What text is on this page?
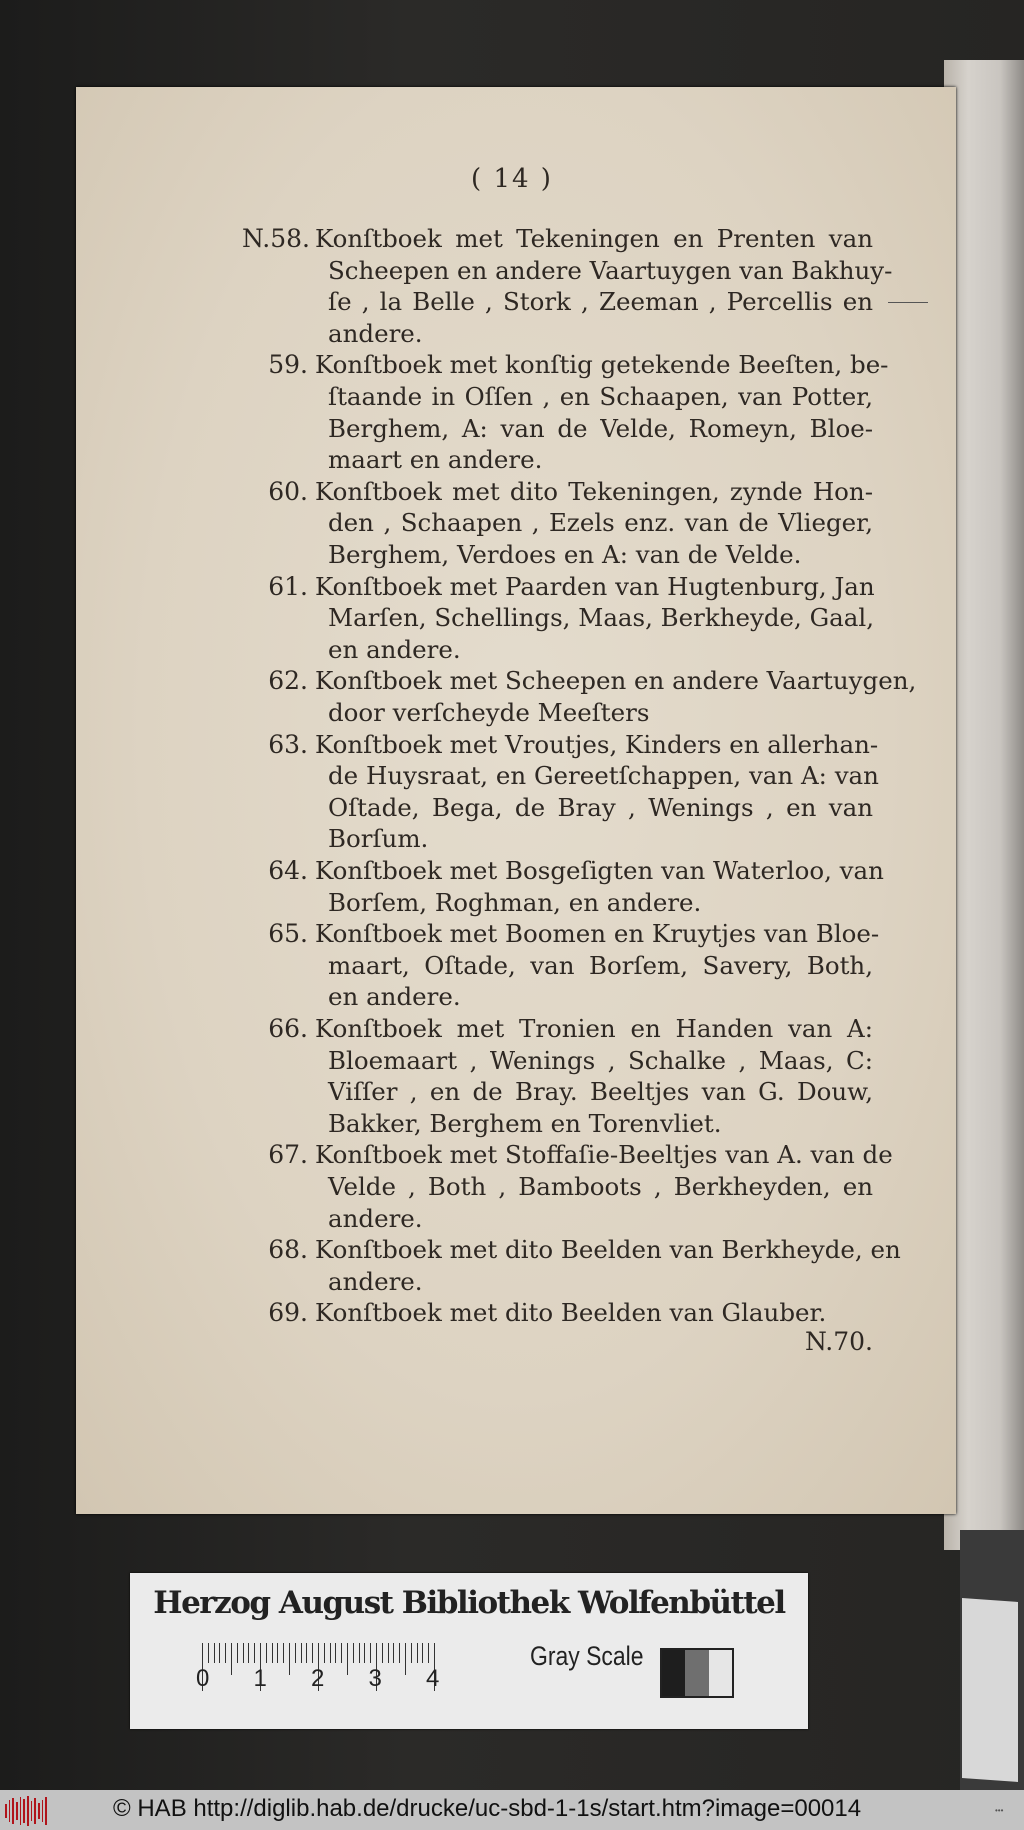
( 14 )
N.58. Konſtboek met Tekeningen en Prenten van
Scheepen en andere Vaartuygen van Bakhuy-
ſe , la Belle , Stork , Zeeman , Percellis en
andere.
59. Konſtboek met konſtig getekende Beeſten, be-
ſtaande in Oſſen , en Schaapen, van Potter,
Berghem, A: van de Velde, Romeyn, Bloe-
maart en andere.
60. Konſtboek met dito Tekeningen, zynde Hon-
den , Schaapen , Ezels enz. van de Vlieger,
Berghem, Verdoes en A: van de Velde.
61. Konſtboek met Paarden van Hugtenburg, Jan
Marſen, Schellings, Maas, Berkheyde, Gaal,
en andere.
62. Konſtboek met Scheepen en andere Vaartuygen,
door verſcheyde Meeſters
63. Konſtboek met Vroutjes, Kinders en allerhan-
de Huysraat, en Gereetſchappen, van A: van
Oſtade, Bega, de Bray , Wenings , en van
Borſum.
64. Konſtboek met Bosgeſigten van Waterloo, van
Borſem, Roghman, en andere.
65. Konſtboek met Boomen en Kruytjes van Bloe-
maart, Oſtade, van Borſem, Savery, Both,
en andere.
66. Konſtboek met Tronien en Handen van A:
Bloemaart , Wenings , Schalke , Maas, C:
Viſſer , en de Bray. Beeltjes van G. Douw,
Bakker, Berghem en Torenvliet.
67. Konſtboek met Stoffaſie-Beeltjes van A. van de
Velde , Both , Bamboots , Berkheyden, en
andere.
68. Konſtboek met dito Beelden van Berkheyde, en
andere.
69. Konſtboek met dito Beelden van Glauber.
N.70.
Herzog August Bibliothek Wolfenbüttel
0 1 2 3 4
Gray Scale
© HAB http://diglib.hab.de/drucke/uc-sbd-1-1s/start.htm?image=00014	•••
